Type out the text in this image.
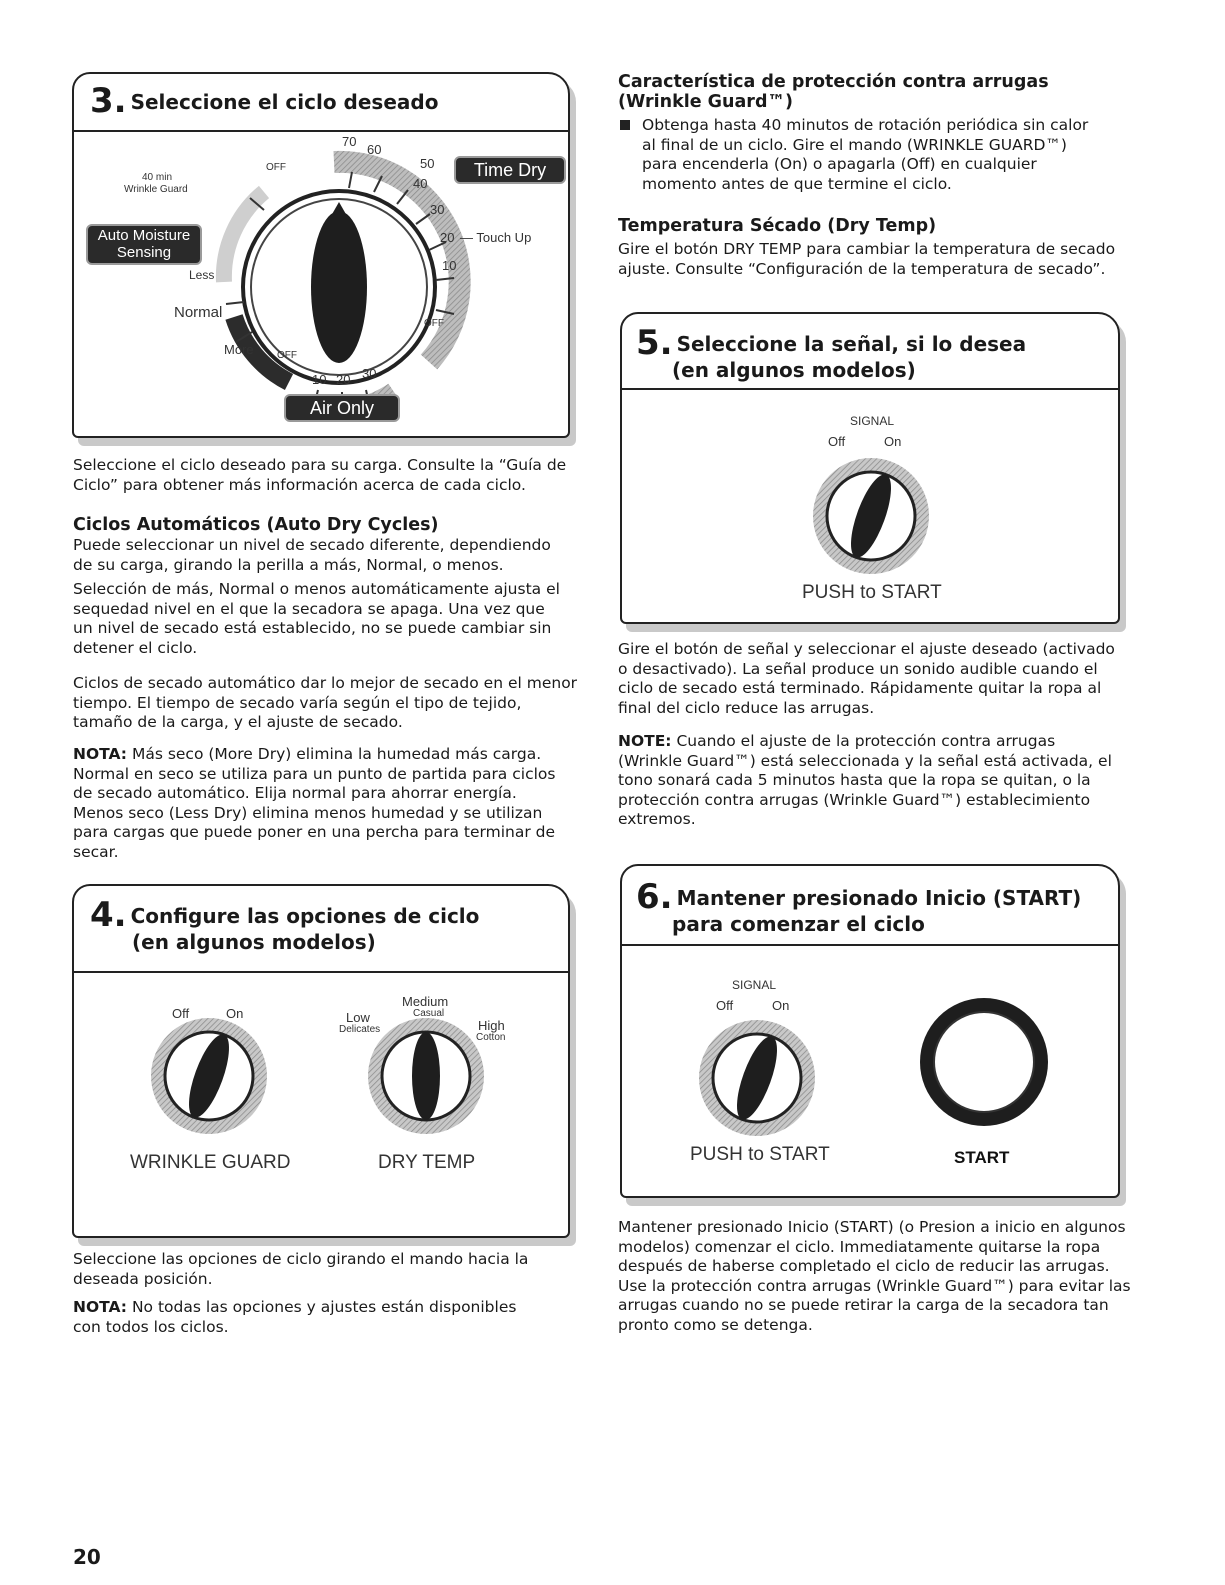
3. Seleccione el ciclo deseado
Time Dry
Auto Moisture Sensing
Air Only
40 min
Wrinkle Guard
OFF
OFF
OFF
Less
Normal
More
70
60
50
40
30
20 — Touch Up
10
10 20 30

Seleccione el ciclo deseado para su carga. Consulte la “Guía de Ciclo” para obtener más información acerca de cada ciclo.

Ciclos Automáticos (Auto Dry Cycles)

Puede seleccionar un nivel de secado diferente, dependiendo de su carga, girando la perilla a más, Normal, o menos.

Selección de más, Normal o menos automáticamente ajusta el sequedad nivel en el que la secadora se apaga. Una vez que un nivel de secado está establecido, no se puede cambiar sin detener el ciclo.

Ciclos de secado automático dar lo mejor de secado en el menor tiempo. El tiempo de secado varía según el tipo de tejido, tamaño de la carga, y el ajuste de secado.

NOTA: Más seco (More Dry) elimina la humedad más carga. Normal en seco se utiliza para un punto de partida para ciclos de secado automático. Elija normal para ahorrar energía. Menos seco (Less Dry) elimina menos humedad y se utilizan para cargas que puede poner en una percha para terminar de secar.

4. Configure las opciones de ciclo
(en algunos modelos)
Off	On
WRINKLE GUARD
Low
Delicates
Medium
Casual
High
Cotton
DRY TEMP

Seleccione las opciones de ciclo girando el mando hacia la deseada posición.

NOTA: No todas las opciones y ajustes están disponibles con todos los ciclos.

Característica de protección contra arrugas
(Wrinkle Guard™)

Obtenga hasta 40 minutos de rotación periódica sin calor al final de un ciclo. Gire el mando (WRINKLE GUARD™) para encenderla (On) o apagarla (Off) en cualquier momento antes de que termine el ciclo.

Temperatura Sécado (Dry Temp)

Gire el botón DRY TEMP para cambiar la temperatura de secado ajuste. Consulte “Configuración de la temperatura de secado”.

5. Seleccione la señal, si lo desea
(en algunos modelos)
SIGNAL
Off	On
PUSH to START

Gire el botón de señal y seleccionar el ajuste deseado (activado o desactivado). La señal produce un sonido audible cuando el ciclo de secado está terminado. Rápidamente quitar la ropa al final del ciclo reduce las arrugas.

NOTE: Cuando el ajuste de la protección contra arrugas (Wrinkle Guard™) está seleccionada y la señal está activada, el tono sonará cada 5 minutos hasta que la ropa se quitan, o la protección contra arrugas (Wrinkle Guard™) establecimiento extremos.

6. Mantener presionado Inicio (START)
para comenzar el ciclo
SIGNAL
Off	On
PUSH to START	START

Mantener presionado Inicio (START) (o Presion a inicio en algunos modelos) comenzar el ciclo. Immediatamente quitarse la ropa después de haberse completado el ciclo de reducir las arrugas. Use la protección contra arrugas (Wrinkle Guard™) para evitar las arrugas cuando no se puede retirar la carga de la secadora tan pronto como se detenga.

20
